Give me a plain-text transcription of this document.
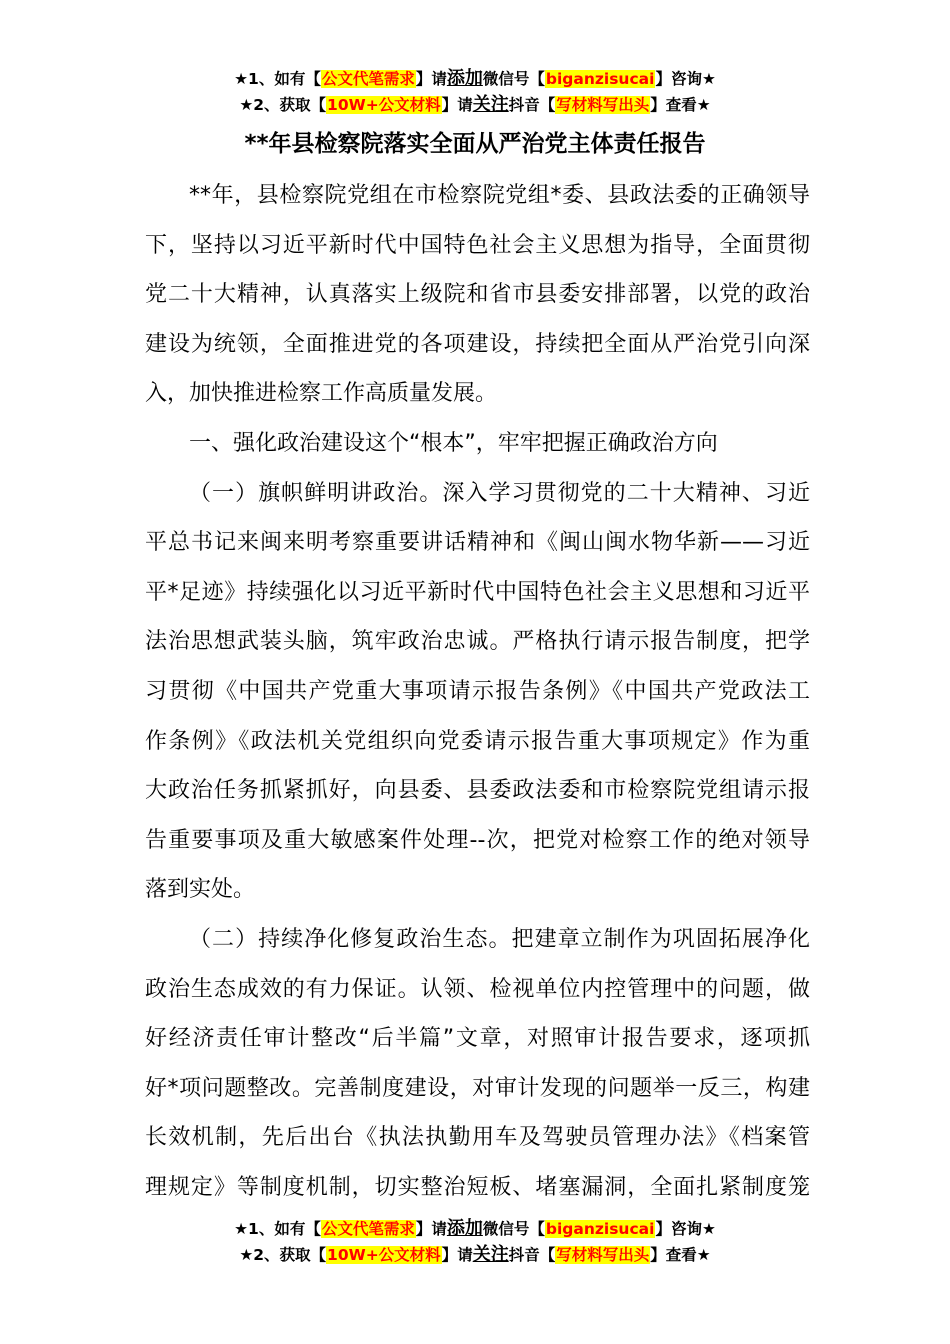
★1、如有【公文代笔需求】请添加微信号【biganzisucai】咨询★
★2、获取【10W+公文材料】请关注抖音【写材料写出头】查看★
**年县检察院落实全面从严治党主体责任报告
**年，县检察院党组在市检察院党组*委、县政法委的正确领导
下，坚持以习近平新时代中国特色社会主义思想为指导，全面贯彻
党二十大精神，认真落实上级院和省市县委安排部署，以党的政治
建设为统领，全面推进党的各项建设，持续把全面从严治党引向深
入，加快推进检察工作高质量发展。
一、强化政治建设这个“根本”，牢牢把握正确政治方向
（一）旗帜鲜明讲政治。深入学习贯彻党的二十大精神、习近
平总书记来闽来明考察重要讲话精神和《闽山闽水物华新——习近
平*足迹》持续强化以习近平新时代中国特色社会主义思想和习近平
法治思想武装头脑，筑牢政治忠诚。严格执行请示报告制度，把学
习贯彻《中国共产党重大事项请示报告条例》《中国共产党政法工
作条例》《政法机关党组织向党委请示报告重大事项规定》作为重
大政治任务抓紧抓好，向县委、县委政法委和市检察院党组请示报
告重要事项及重大敏感案件处理--次，把党对检察工作的绝对领导
落到实处。
（二）持续净化修复政治生态。把建章立制作为巩固拓展净化
政治生态成效的有力保证。认领、检视单位内控管理中的问题，做
好经济责任审计整改“后半篇”文章，对照审计报告要求，逐项抓
好*项问题整改。完善制度建设，对审计发现的问题举一反三，构建
长效机制，先后出台《执法执勤用车及驾驶员管理办法》《档案管
理规定》等制度机制，切实整治短板、堵塞漏洞，全面扎紧制度笼
★1、如有【公文代笔需求】请添加微信号【biganzisucai】咨询★
★2、获取【10W+公文材料】请关注抖音【写材料写出头】查看★
